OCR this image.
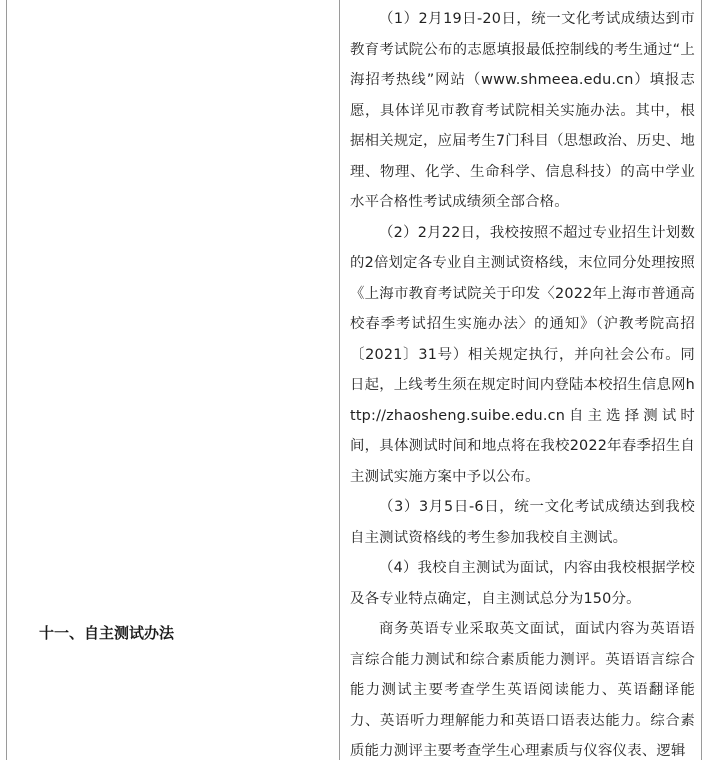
十一、自主测试办法

（1）2月19日-20日，统一文化考试成绩达到市教育考试院公布的志愿填报最低控制线的考生通过“上海招考热线”网站（www.shmeea.edu.cn）填报志愿，具体详见市教育考试院相关实施办法。其中，根据相关规定，应届考生7门科目（思想政治、历史、地理、物理、化学、生命科学、信息科技）的高中学业水平合格性考试成绩须全部合格。

（2）2月22日，我校按照不超过专业招生计划数的2倍划定各专业自主测试资格线，末位同分处理按照《上海市教育考试院关于印发〈2022年上海市普通高校春季考试招生实施办法〉的通知》（沪教考院高招〔2021〕31号）相关规定执行，并向社会公布。同日起，上线考生须在规定时间内登陆本校招生信息网http://zhaosheng.suibe.edu.cn自主选择测试时间，具体测试时间和地点将在我校2022年春季招生自主测试实施方案中予以公布。

（3）3月5日-6日，统一文化考试成绩达到我校自主测试资格线的考生参加我校自主测试。

（4）我校自主测试为面试，内容由我校根据学校及各专业特点确定，自主测试总分为150分。

商务英语专业采取英文面试，面试内容为英语语言综合能力测试和综合素质能力测评。英语语言综合能力测试主要考查学生英语阅读能力、英语翻译能力、英语听力理解能力和英语口语表达能力。综合素质能力测评主要考查学生心理素质与仪容仪表、逻辑
